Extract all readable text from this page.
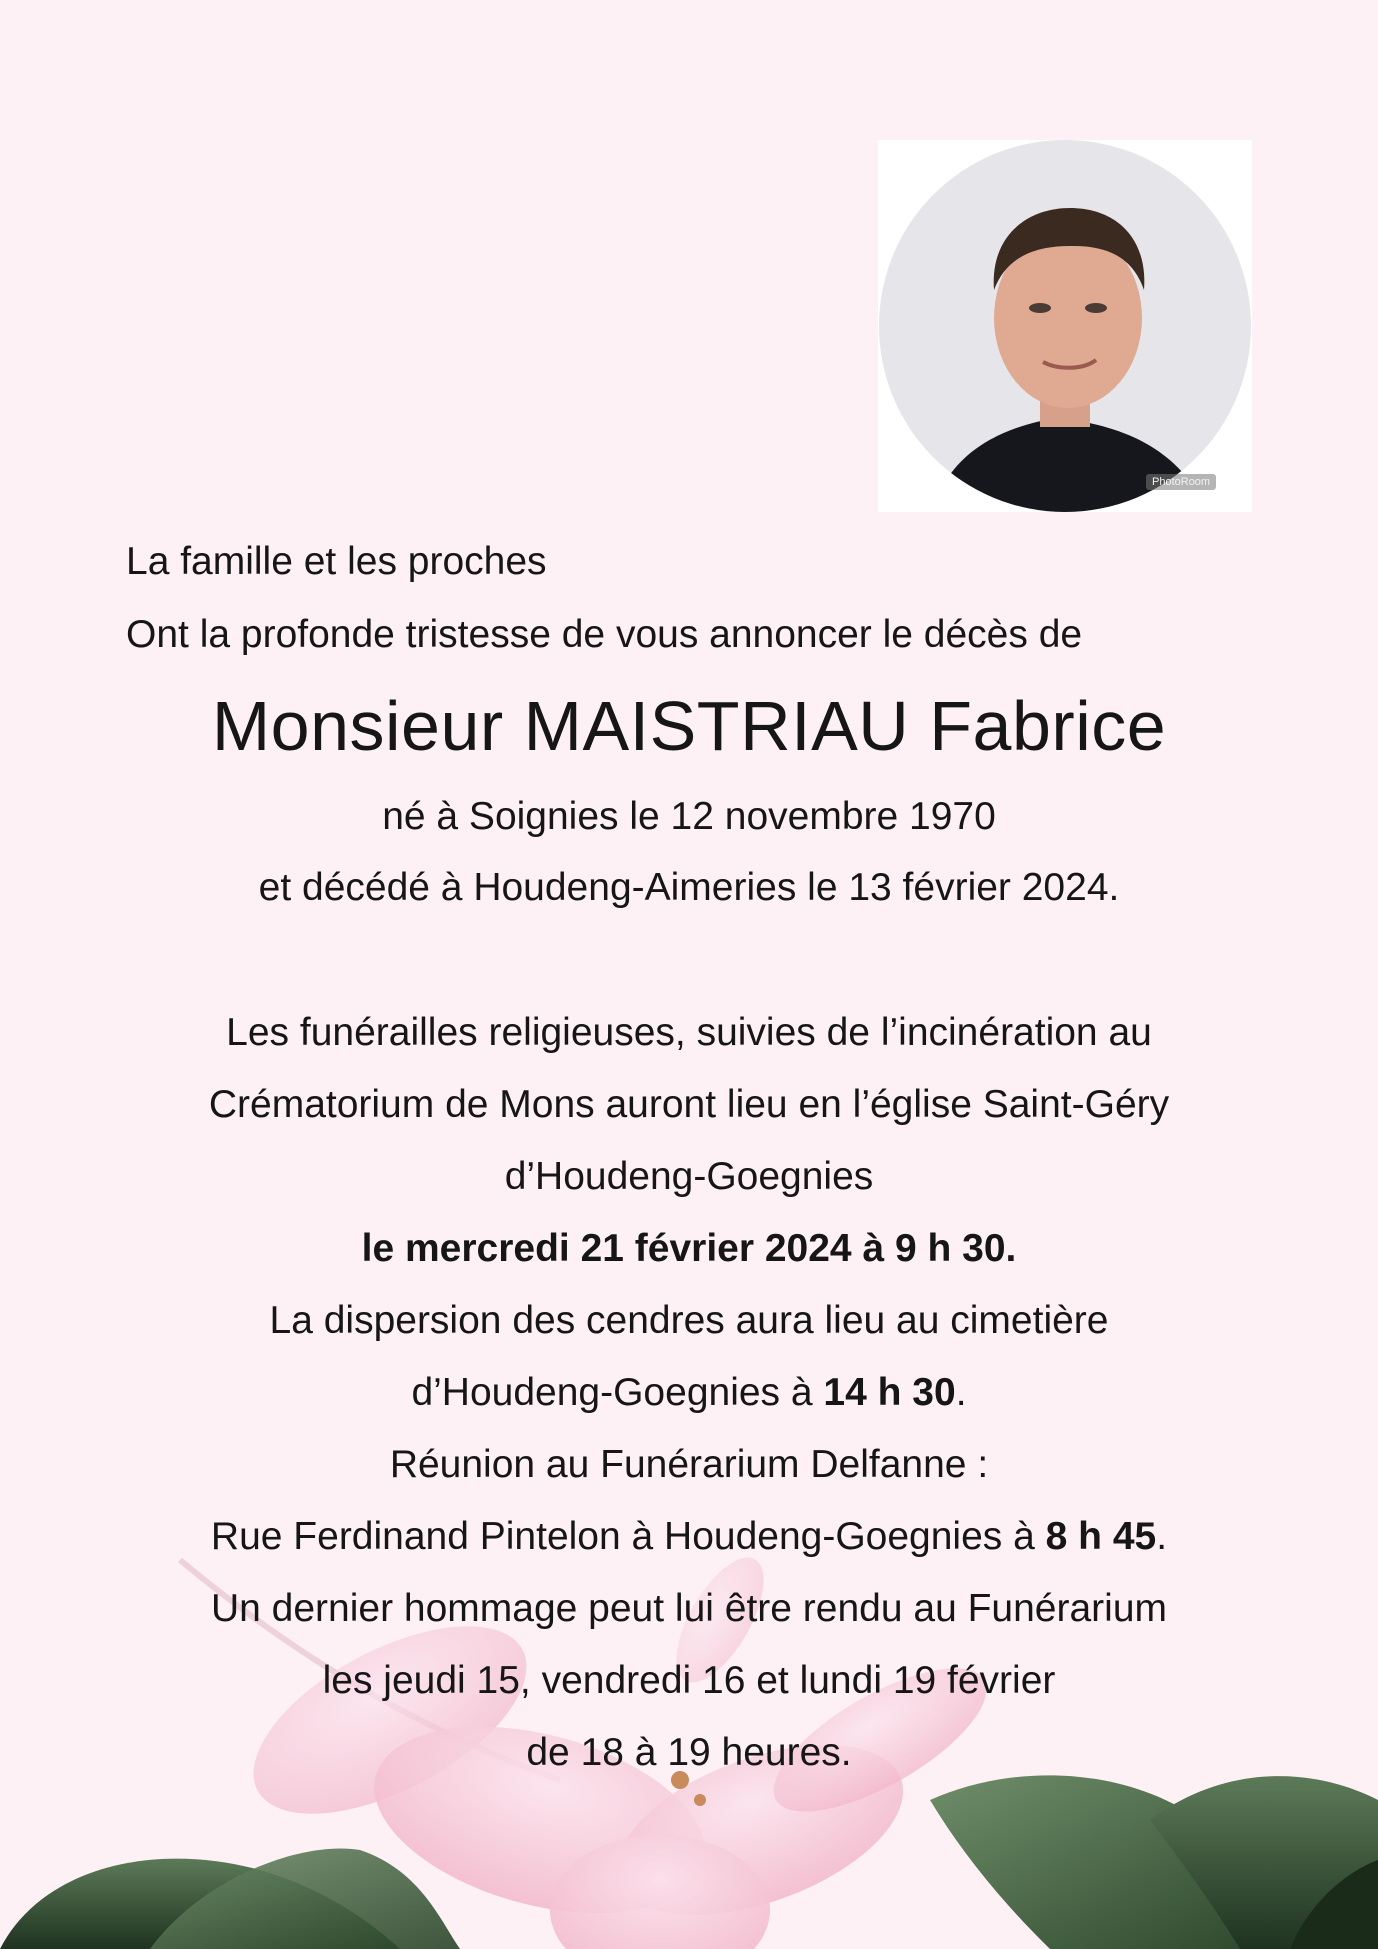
PhotoRoom
La famille et les proches
Ont la profonde tristesse de vous annoncer le décès de
Monsieur MAISTRIAU Fabrice
né à Soignies le 12 novembre 1970
et décédé à Houdeng-Aimeries le 13 février 2024.
Les funérailles religieuses, suivies de l’incinération au
Crématorium de Mons auront lieu en l’église Saint-Géry
d’Houdeng-Goegnies
le mercredi 21 février 2024 à 9 h 30.
La dispersion des cendres aura lieu au cimetière
d’Houdeng-Goegnies à 14 h 30.
Réunion au Funérarium Delfanne :
Rue Ferdinand Pintelon à Houdeng-Goegnies à 8 h 45.
Un dernier hommage peut lui être rendu au Funérarium
les jeudi 15, vendredi 16 et lundi 19 février
de 18 à 19 heures.
